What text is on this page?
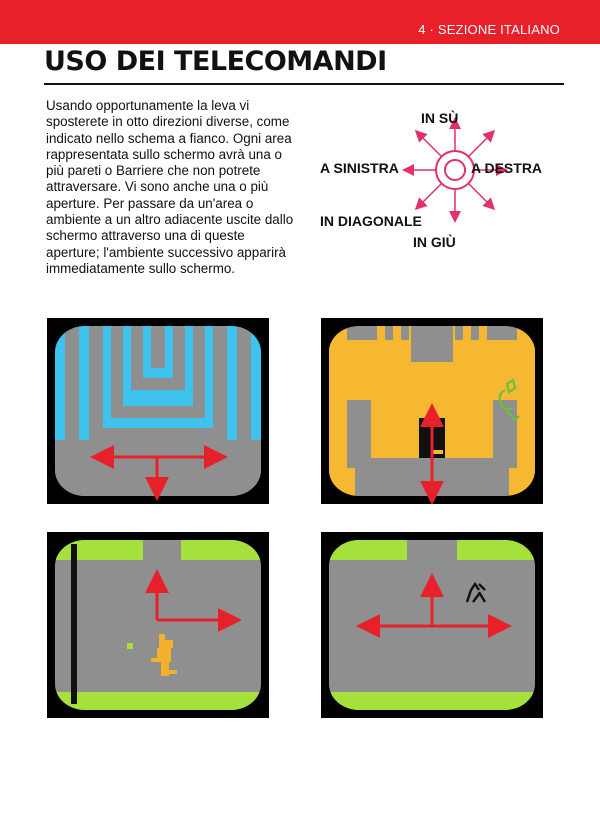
4 · SEZIONE ITALIANO
USO DEI TELECOMANDI

Usando opportunamente la leva vi sposterete in otto direzioni diverse, come indicato nello schema a fianco. Ogni area rappresentata sullo schermo avrà una o più pareti o Barriere che non potrete attraversare. Vi sono anche una o più aperture. Per passare da un'area o ambiente a un altro adiacente uscite dallo schermo attraverso una di queste aperture; l'ambiente successivo apparirà immediatamente sullo schermo.

IN SÙ
A SINISTRA	A DESTRA
IN DIAGONALE
IN GIÙ
